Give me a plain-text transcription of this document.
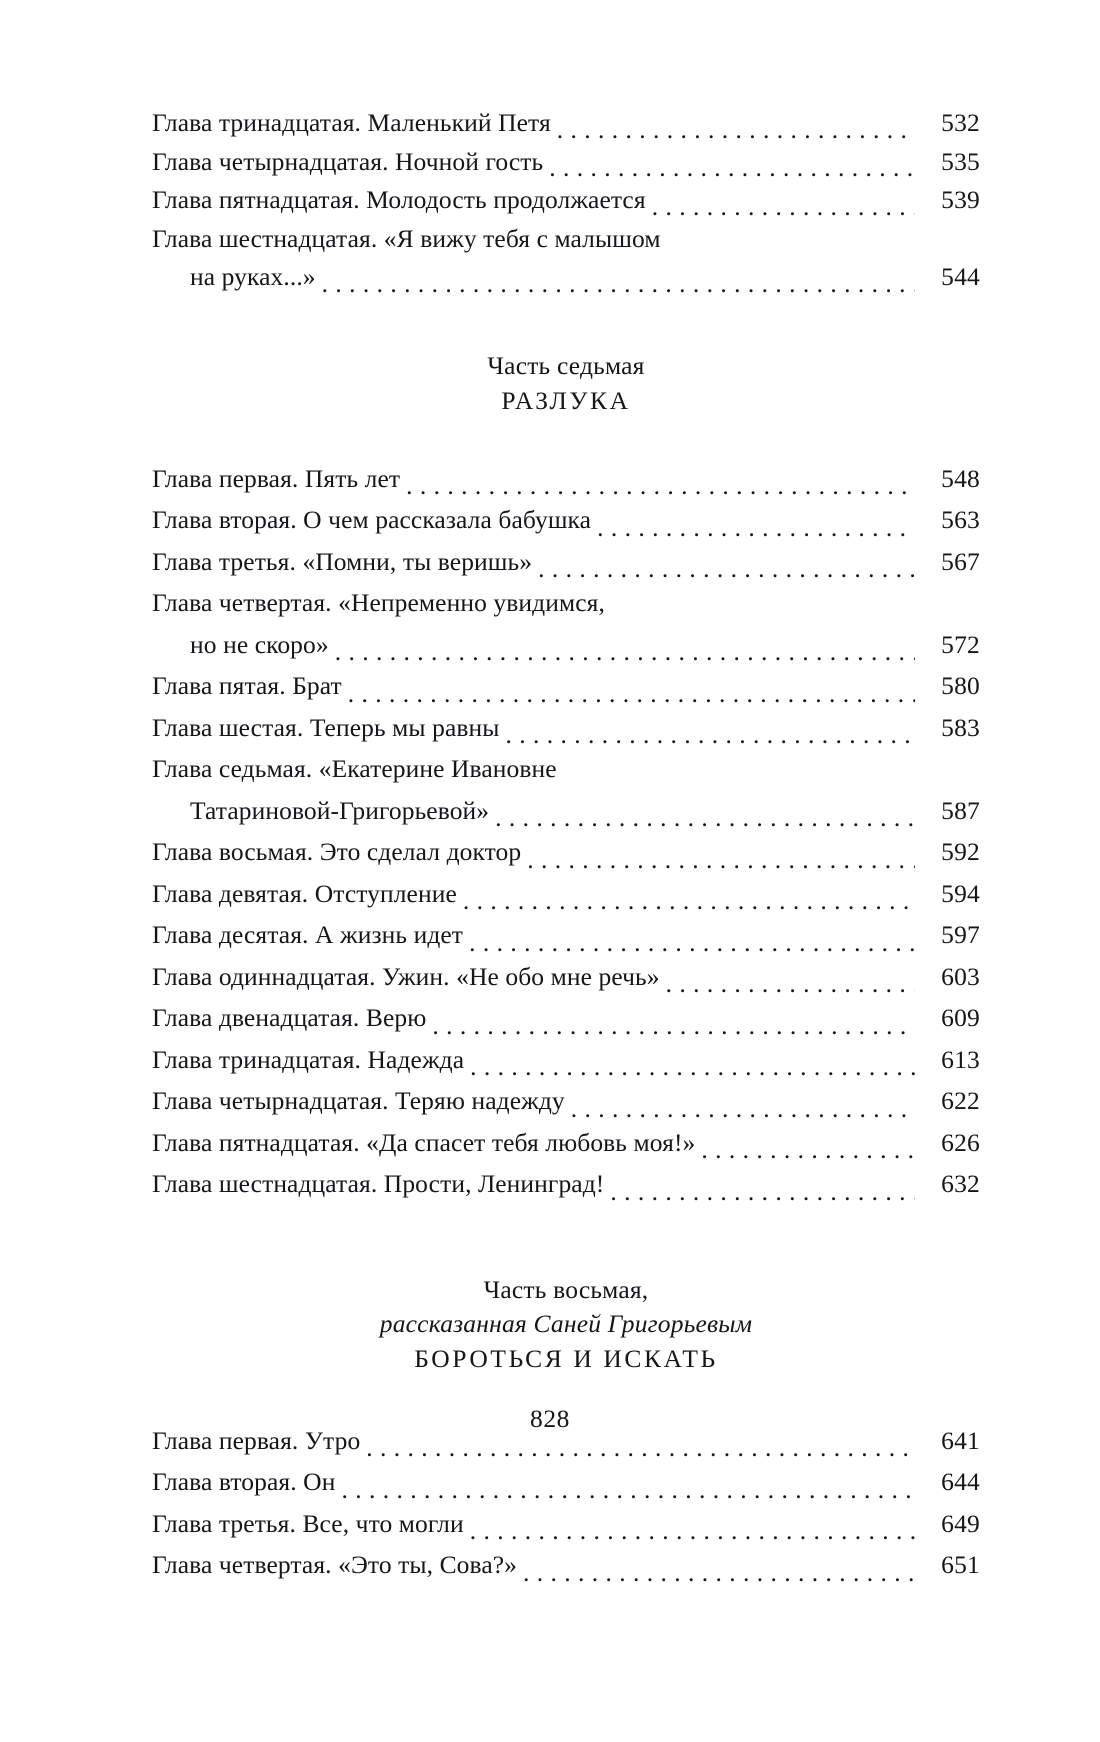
Глава тринадцатая. Маленький Петя . . .	532
Глава четырнадцатая. Ночной гость . . .	535
Глава пятнадцатая. Молодость продолжается . . .	539
Глава шестнадцатая. «Я вижу тебя с малышом
на руках...» . . .	544
Часть седьмая
РАЗЛУКА
Глава первая. Пять лет . . .	548
Глава вторая. О чем рассказала бабушка . . .	563
Глава третья. «Помни, ты веришь» . . .	567
Глава четвертая. «Непременно увидимся,
но не скоро» . . .	572
Глава пятая. Брат . . .	580
Глава шестая. Теперь мы равны . . .	583
Глава седьмая. «Екатерине Ивановне
Татариновой-Григорьевой» . . .	587
Глава восьмая. Это сделал доктор . . .	592
Глава девятая. Отступление . . .	594
Глава десятая. А жизнь идет . . .	597
Глава одиннадцатая. Ужин. «Не обо мне речь» . . .	603
Глава двенадцатая. Верю . . .	609
Глава тринадцатая. Надежда . . .	613
Глава четырнадцатая. Теряю надежду . . .	622
Глава пятнадцатая. «Да спасет тебя любовь моя!» . . .	626
Глава шестнадцатая. Прости, Ленинград! . . .	632
Часть восьмая,
рассказанная Саней Григорьевым
БОРОТЬСЯ И ИСКАТЬ
Глава первая. Утро . . .	641
Глава вторая. Он . . .	644
Глава третья. Все, что могли . . .	649
Глава четвертая. «Это ты, Сова?» . . .	651
828
